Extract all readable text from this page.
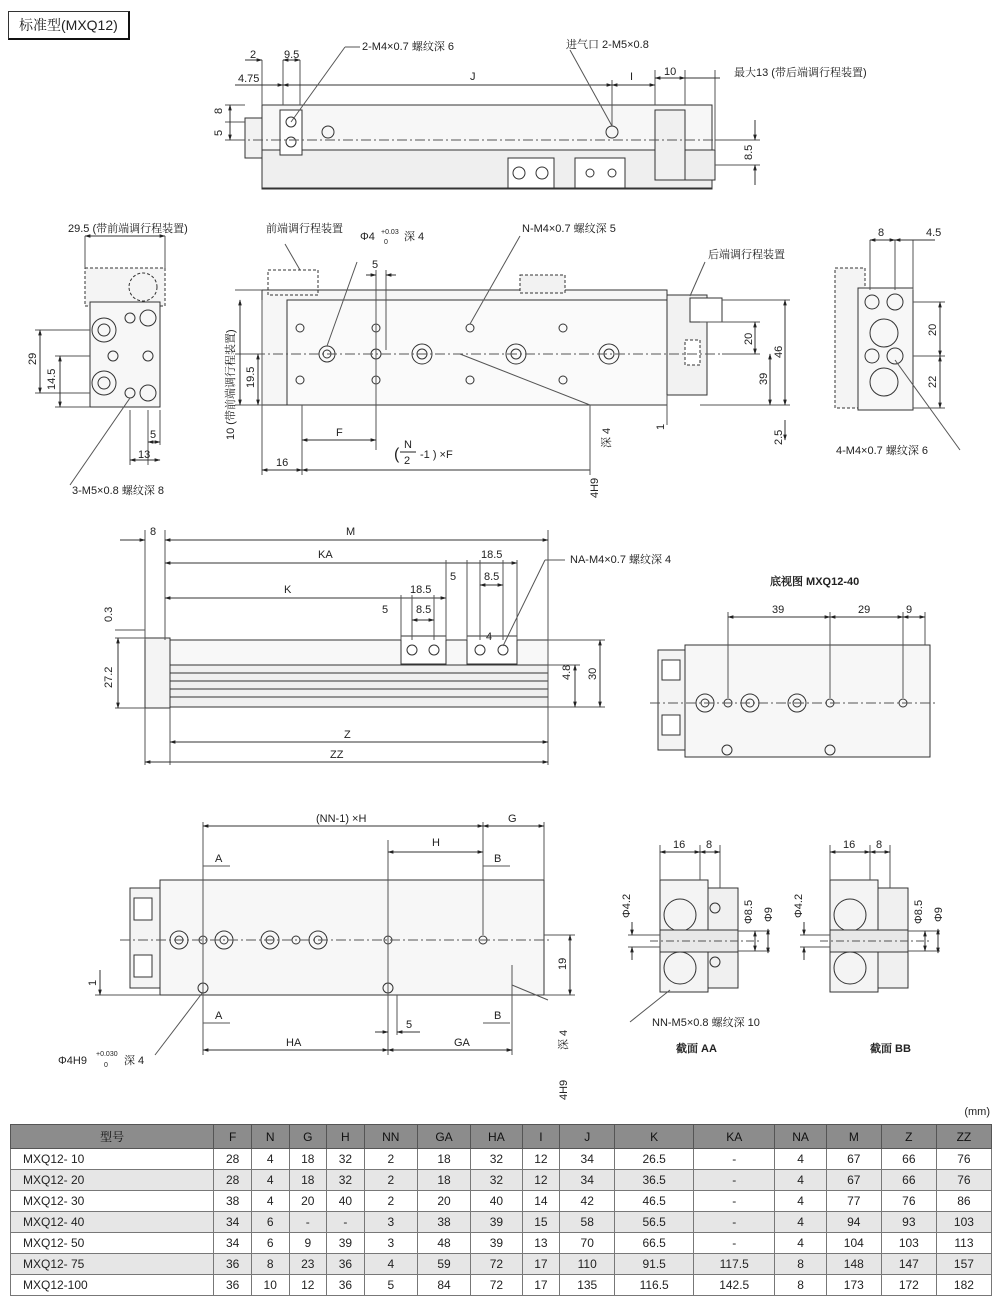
标准型(MXQ12)
2	9.5
4.75	J	I	10
8
5
8.5
2-M4×0.7 螺纹深 6	进气口 2-M5×0.8
最大13 (带后端调行程装置)
29.5 (带前端调行程装置)
29
14.5
5
13
3-M5×0.8 螺纹深 8
前端调行程装置
Φ4 +0.03
0 深 4
N-M4×0.7 螺纹深 5
后端调行程装置
5
19.5
10 (带前端调行程装置)	F
16
N
2
( -1 ) ×F
20
39
46
1
2.5
4H9
深 4
8	4.5
20
22
4-M4×0.7 螺纹深 6
8	M
KA	18.5
K
5	8.5
18.5
5	8.5
0.3
27.2
4
4.8 30
Z
ZZ
NA-M4×0.7 螺纹深 4
底视图 MXQ12-40
39	29	9
(NN-1) ×H	G
H
A	B
A	B
19
1
5
HA	GA
Φ4H9
+0.030
0 深 4
4H9
深 4
16 8
Φ4.2	Φ8.5 Φ9
截面 AA
NN-M5×0.8 螺纹深 10
16 8
Φ4.2	Φ8.5 Φ9
截面 BB
(mm)
型号	F	N	G	H	NN	GA	HA	I	J	K	KA	NA	M	Z	ZZ
MXQ12- 10	28	4	18	32	2	18	32	12	34	26.5	-	4	67	66	76
MXQ12- 20	28	4	18	32	2	18	32	12	34	36.5	-	4	67	66	76
MXQ12- 30	38	4	20	40	2	20	40	14	42	46.5	-	4	77	76	86
MXQ12- 40	34	6	-	-	3	38	39	15	58	56.5	-	4	94	93	103
MXQ12- 50	34	6	9	39	3	48	39	13	70	66.5	-	4	104	103	113
MXQ12- 75	36	8	23	36	4	59	72	17	110	91.5	117.5	8	148	147	157
MXQ12-100	36	10	12	36	5	84	72	17	135	116.5	142.5	8	173	172	182
